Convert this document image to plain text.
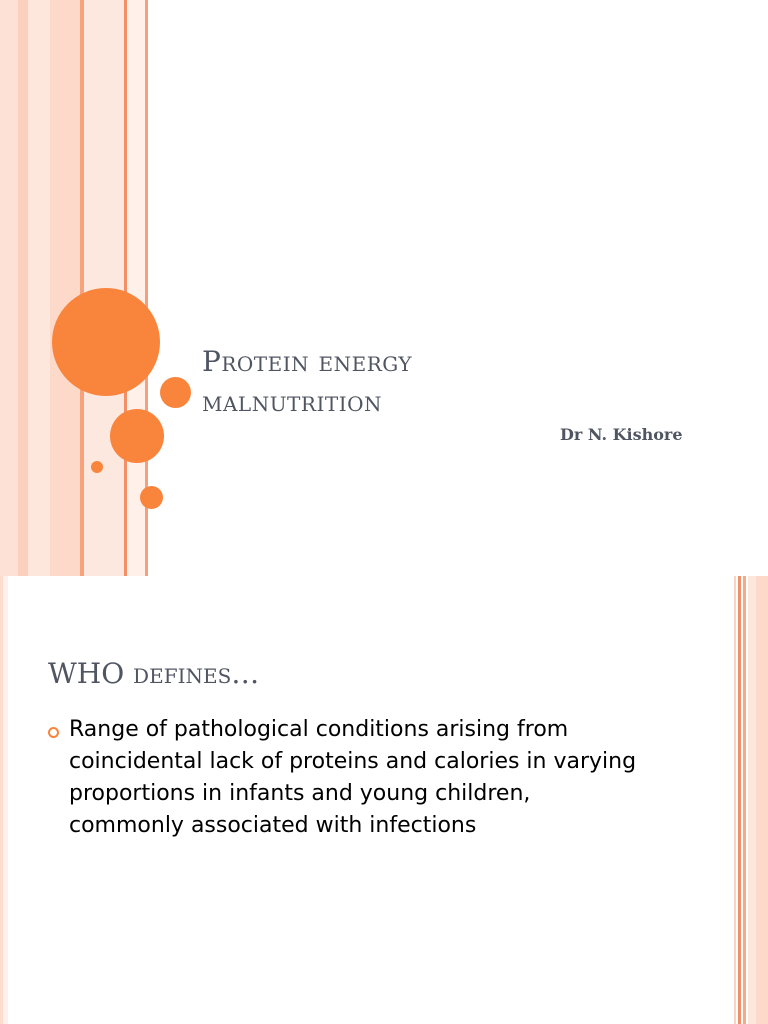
Protein energy
malnutrition
Dr N. Kishore
WHO defines…
Range of pathological conditions arising from coincidental lack of proteins and calories in varying proportions in infants and young children, commonly associated with infections
